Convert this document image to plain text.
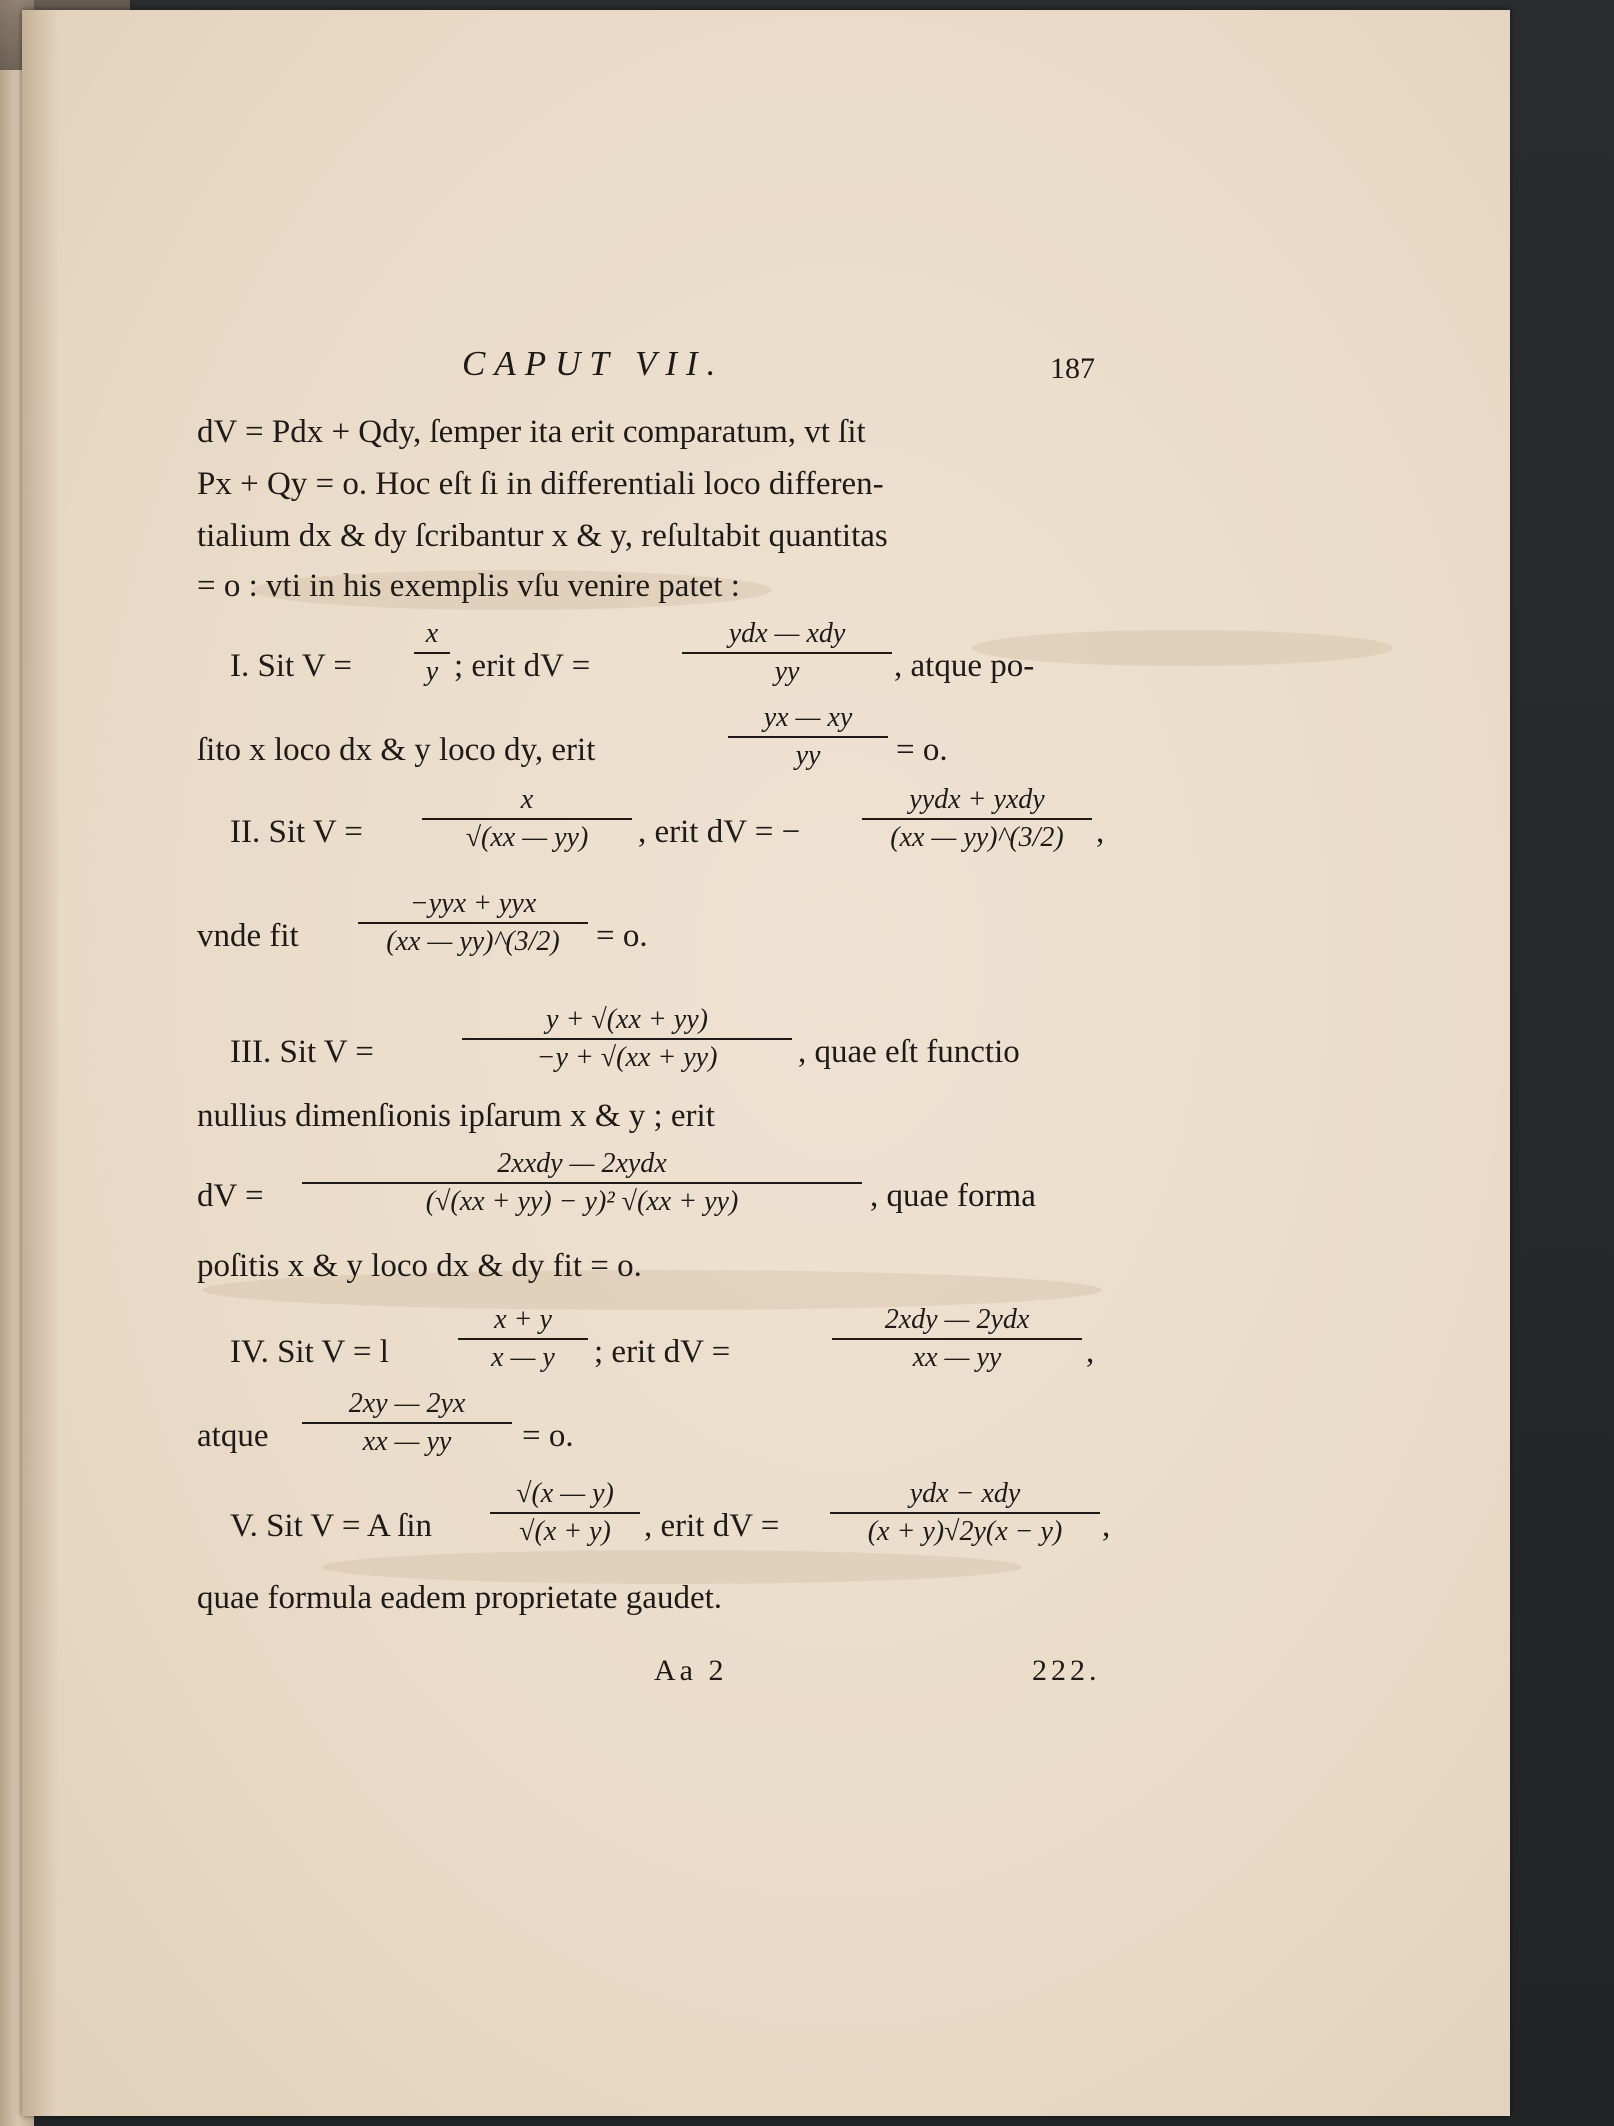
CAPUT VII.	187
dV = Pdx + Qdy, ſemper ita erit comparatum, vt ſit
Px + Qy = o. Hoc eſt ſi in differentiali loco differen-
tialium dx & dy ſcribantur x & y, reſultabit quantitas
= o : vti in his exemplis vſu venire patet :
I. Sit V =
x
y ; erit dV =
ydx — xdy
yy	, atque po-
ſito x loco dx & y loco dy, erit
yx — xy
yy	= o.
II. Sit V =
x
√(xx — yy)	, erit dV = −
yydx + yxdy
(xx — yy)^(3/2) ,
vnde fit
−yyx + yyx
(xx — yy)^(3/2)	= o.
III. Sit V =
y + √(xx + yy)
−y + √(xx + yy)	, quae eſt functio
nullius dimenſionis ipſarum x & y ; erit
dV =
2xxdy — 2xydx
(√(xx + yy) − y)² √(xx + yy)	, quae forma
poſitis x & y loco dx & dy fit = o.
IV. Sit V = l
x + y
x — y	; erit dV =
2xdy — 2ydx
xx — yy	,
atque
2xy — 2yx
xx — yy	= o.
V. Sit V = A ſin
√(x — y)
√(x + y)	, erit dV =
ydx − xdy
(x + y)√2y(x − y)	,
quae formula eadem proprietate gaudet.
Aa 2	222.
